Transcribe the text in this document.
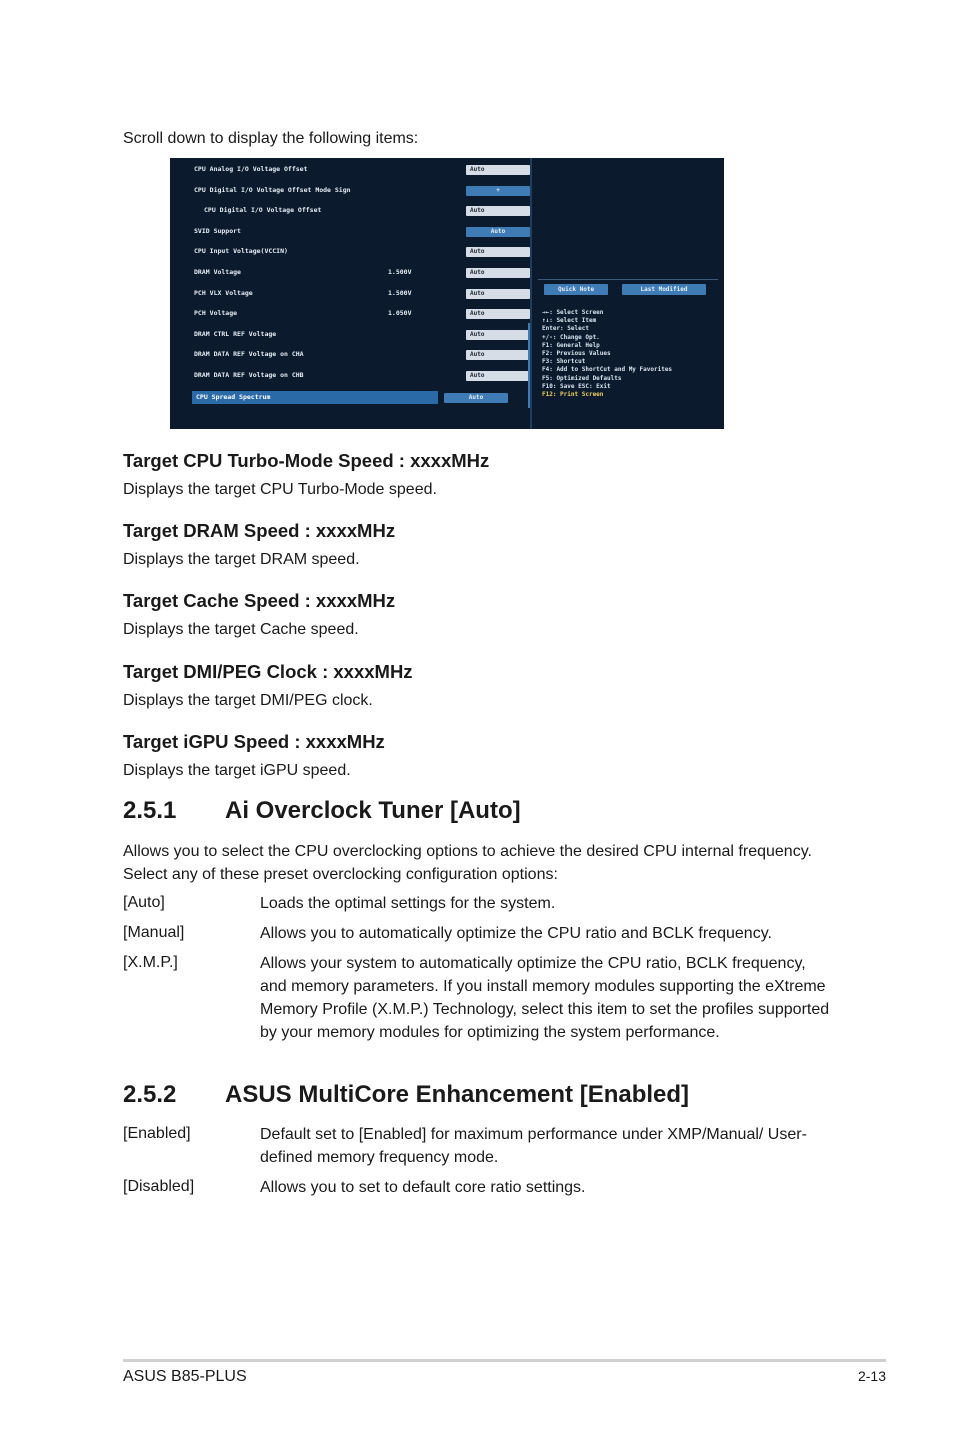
Scroll down to display the following items:
CPU Analog I/O Voltage Offset	Auto
CPU Digital I/O Voltage Offset Mode Sign	+
CPU Digital I/O Voltage Offset	Auto
SVID Support	Auto
CPU Input Voltage(VCCIN)	Auto
DRAM Voltage	1.500V	Auto
PCH VLX Voltage	1.500V	Auto
PCH Voltage	1.050V	Auto
DRAM CTRL REF Voltage	Auto
DRAM DATA REF Voltage on CHA	Auto
DRAM DATA REF Voltage on CHB	Auto
CPU Spread Spectrum	Auto
Quick Note	Last Modified
→←: Select Screen
↑↓: Select Item
Enter: Select
+/-: Change Opt.
F1: General Help
F2: Previous Values
F3: Shortcut
F4: Add to ShortCut and My Favorites
F5: Optimized Defaults
F10: Save ESC: Exit
F12: Print Screen
Target CPU Turbo-Mode Speed : xxxxMHz
Displays the target CPU Turbo-Mode speed.
Target DRAM Speed : xxxxMHz
Displays the target DRAM speed.
Target Cache Speed : xxxxMHz
Displays the target Cache speed.
Target DMI/PEG Clock : xxxxMHz
Displays the target DMI/PEG clock.
Target iGPU Speed : xxxxMHz
Displays the target iGPU speed.
2.5.1 Ai Overclock Tuner [Auto]
Allows you to select the CPU overclocking options to achieve the desired CPU internal frequency. Select any of these preset overclocking configuration options:
[Auto]	Loads the optimal settings for the system.
[Manual]	Allows you to automatically optimize the CPU ratio and BCLK frequency.
[X.M.P.]	Allows your system to automatically optimize the CPU ratio, BCLK frequency, and memory parameters. If you install memory modules supporting the eXtreme Memory Profile (X.M.P.) Technology, select this item to set the profiles supported by your memory modules for optimizing the system performance.
2.5.2 ASUS MultiCore Enhancement [Enabled]
[Enabled]	Default set to [Enabled] for maximum performance under XMP/Manual/ User-defined memory frequency mode.
[Disabled]	Allows you to set to default core ratio settings.
ASUS B85-PLUS	2-13
